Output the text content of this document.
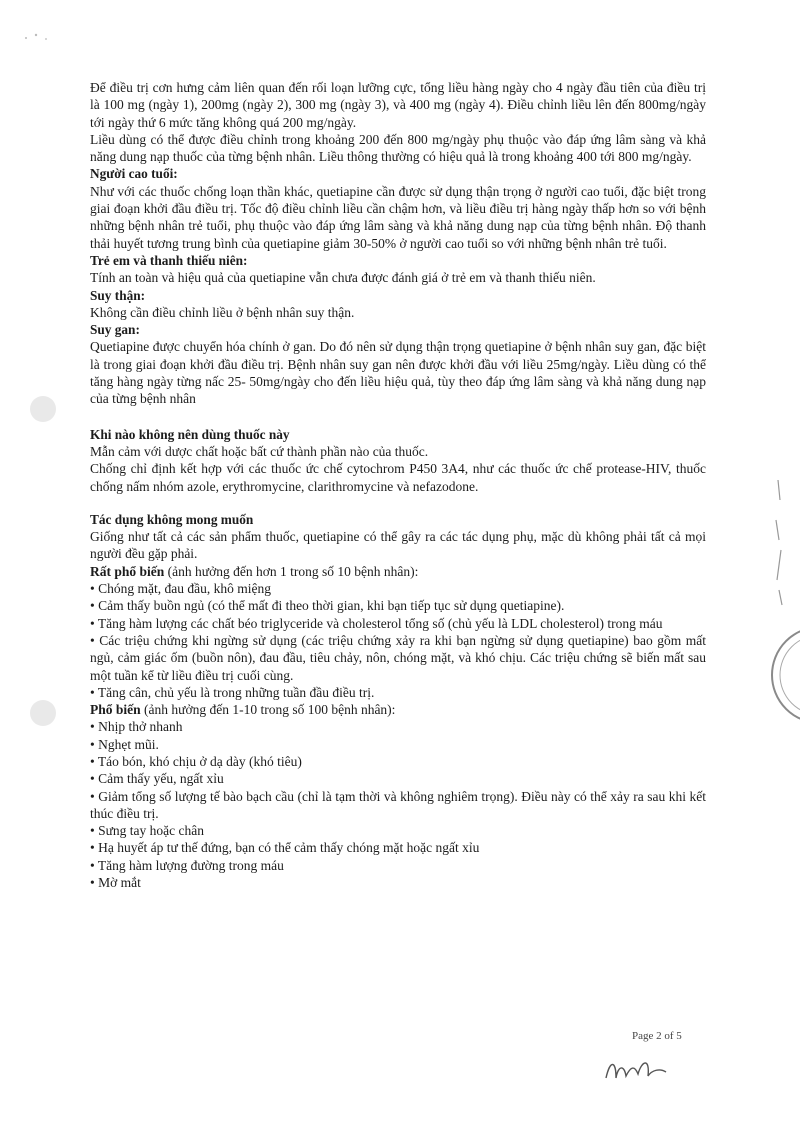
Để điều trị cơn hưng cảm liên quan đến rối loạn lưỡng cực, tổng liều hàng ngày cho 4 ngày đầu tiên của điều trị là 100 mg (ngày 1), 200mg (ngày 2), 300 mg (ngày 3), và 400 mg (ngày 4). Điều chỉnh liều lên đến 800mg/ngày tới ngày thứ 6 mức tăng không quá 200 mg/ngày.

Liều dùng có thể được điều chỉnh trong khoảng 200 đến 800 mg/ngày phụ thuộc vào đáp ứng lâm sàng và khả năng dung nạp thuốc của từng bệnh nhân. Liều thông thường có hiệu quả là trong khoảng 400 tới 800 mg/ngày.

Người cao tuổi:

Như với các thuốc chống loạn thần khác, quetiapine cần được sử dụng thận trọng ở người cao tuổi, đặc biệt trong giai đoạn khởi đầu điều trị. Tốc độ điều chỉnh liều cần chậm hơn, và liều điều trị hàng ngày thấp hơn so với bệnh những bệnh nhân trẻ tuổi, phụ thuộc vào đáp ứng lâm sàng và khả năng dung nạp của từng bệnh nhân. Độ thanh thải huyết tương trung bình của quetiapine giảm 30-50% ở người cao tuổi so với những bệnh nhân trẻ tuổi.

Trẻ em và thanh thiếu niên:

Tính an toàn và hiệu quả của quetiapine vẫn chưa được đánh giá ở trẻ em và thanh thiếu niên.

Suy thận:

Không cần điều chỉnh liều ở bệnh nhân suy thận.

Suy gan:

Quetiapine được chuyển hóa chính ở gan. Do đó nên sử dụng thận trọng quetiapine ở bệnh nhân suy gan, đặc biệt là trong giai đoạn khởi đầu điều trị. Bệnh nhân suy gan nên được khởi đầu với liều 25mg/ngày. Liều dùng có thể tăng hàng ngày từng nấc 25- 50mg/ngày cho đến liều hiệu quả, tùy theo đáp ứng lâm sàng và khả năng dung nạp của từng bệnh nhân

Khi nào không nên dùng thuốc này

Mẫn cảm với dược chất hoặc bất cứ thành phần nào của thuốc.

Chống chỉ định kết hợp với các thuốc ức chế cytochrom P450 3A4, như các thuốc ức chế protease-HIV, thuốc chống nấm nhóm azole, erythromycine, clarithromycine và nefazodone.

Tác dụng không mong muốn

Giống như tất cả các sản phẩm thuốc, quetiapine có thể gây ra các tác dụng phụ, mặc dù không phải tất cả mọi người đều gặp phải.

Rất phổ biến (ảnh hưởng đến hơn 1 trong số 10 bệnh nhân):

• Chóng mặt, đau đầu, khô miệng

• Cảm thấy buồn ngủ (có thể mất đi theo thời gian, khi bạn tiếp tục sử dụng quetiapine).

• Tăng hàm lượng các chất béo triglyceride và cholesterol tổng số (chủ yếu là LDL cholesterol) trong máu

• Các triệu chứng khi ngừng sử dụng (các triệu chứng xảy ra khi bạn ngừng sử dụng quetiapine) bao gồm mất ngủ, cảm giác ốm (buồn nôn), đau đầu, tiêu chảy, nôn, chóng mặt, và khó chịu. Các triệu chứng sẽ biến mất sau một tuần kể từ liều điều trị cuối cùng.

• Tăng cân, chủ yếu là trong những tuần đầu điều trị.

Phổ biến (ảnh hưởng đến 1-10 trong số 100 bệnh nhân):

• Nhịp thở nhanh

• Nghẹt mũi.

• Táo bón, khó chịu ở dạ dày (khó tiêu)

• Cảm thấy yếu, ngất xỉu

• Giảm tổng số lượng tế bào bạch cầu (chỉ là tạm thời và không nghiêm trọng). Điều này có thể xảy ra sau khi kết thúc điều trị.

• Sưng tay hoặc chân

• Hạ huyết áp tư thế đứng, bạn có thể cảm thấy chóng mặt hoặc ngất xỉu

• Tăng hàm lượng đường trong máu

• Mờ mắt

Page 2 of 5
